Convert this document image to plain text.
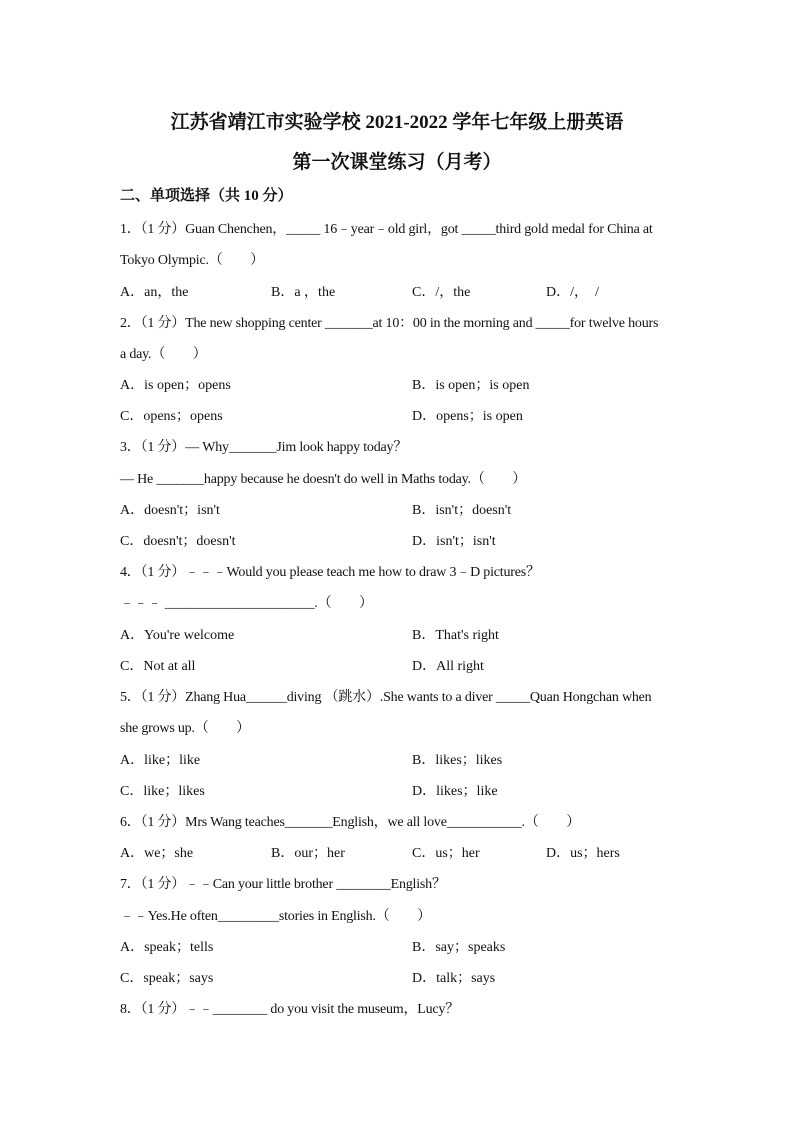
江苏省靖江市实验学校 2021-2022 学年七年级上册英语
第一次课堂练习（月考）
二、单项选择（共 10 分）
1．（1 分）Guan Chenchen，_____ 16﹣year﹣old girl，got _____third gold medal for China at
Tokyo Olympic.（　　）
A．an，the	B．a ，the	C．/，the	D．/，　/
2．（1 分）The new shopping center _______at 10：00 in the morning and _____for twelve hours
a day.（　　）
A．is open；opens	B．is open；is open
C．opens；opens	D．opens；is open
3．（1 分）— Why_______Jim look happy today？
— He _______happy because he doesn't do well in Maths today.（　　）
A．doesn't；isn't	B．isn't；doesn't
C．doesn't；doesn't	D．isn't；isn't
4．（1 分）﹣﹣﹣Would you please teach me how to draw 3﹣D pictures？
﹣﹣﹣ ______________________.（　　）
A．You're welcome	B．That's right
C．Not at all	D．All right
5．（1 分）Zhang Hua______diving （跳水）.She wants to a diver _____Quan Hongchan when
she grows up.（　　）
A．like；like	B．likes；likes
C．like；likes	D．likes；like
6．（1 分）Mrs Wang teaches_______English，we all love___________.（　　）
A．we；she	B．our；her	C．us；her	D．us；hers
7．（1 分）﹣﹣Can your little brother ________English？
﹣﹣Yes.He often_________stories in English.（　　）
A．speak；tells	B．say；speaks
C．speak；says	D．talk；says
8．（1 分）﹣﹣________ do you visit the museum，Lucy？
